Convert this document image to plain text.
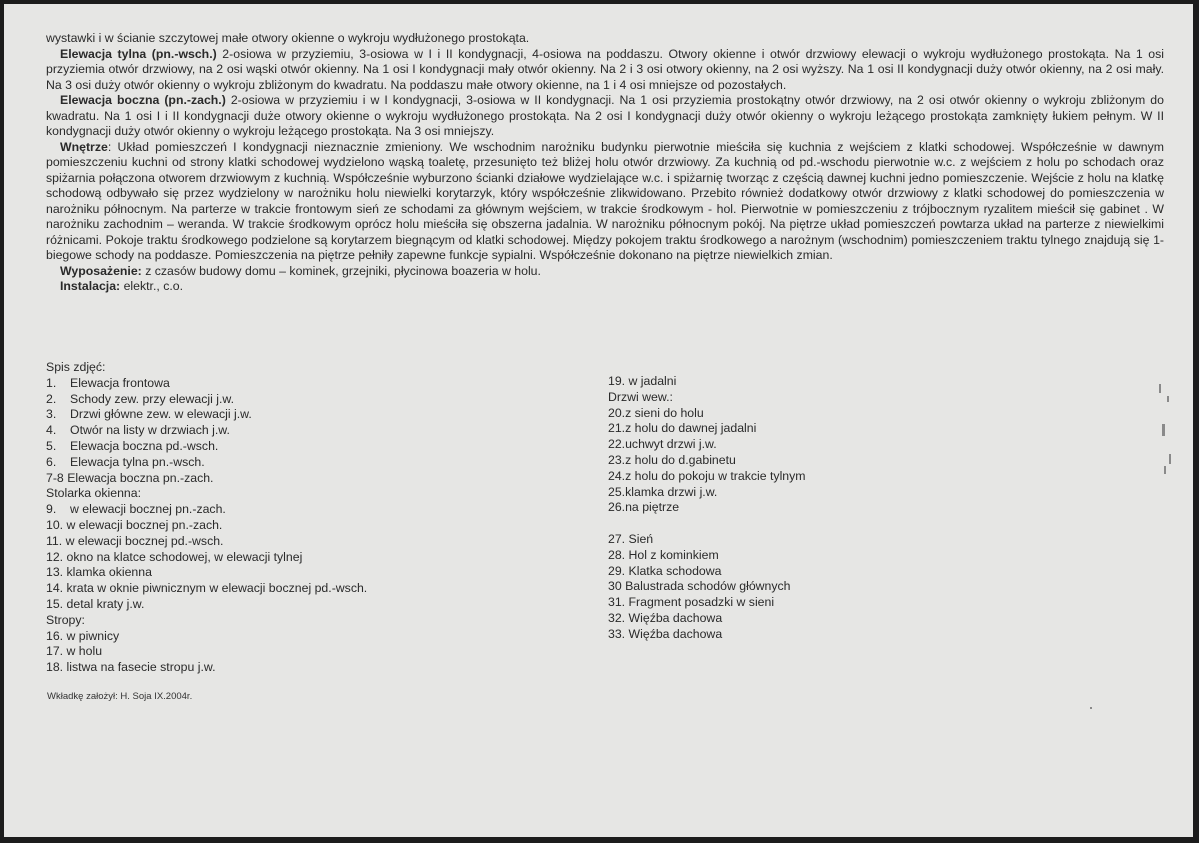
wystawki i w ścianie szczytowej małe otwory okienne o wykroju wydłużonego prostokąta.

Elewacja tylna (pn.-wsch.) 2-osiowa w przyziemiu, 3-osiowa w I i II kondygnacji, 4-osiowa na poddaszu. Otwory okienne i otwór drzwiowy elewacji o wykroju wydłużonego prostokąta. Na 1 osi przyziemia otwór drzwiowy, na 2 osi wąski otwór okienny. Na 1 osi I kondygnacji mały otwór okienny. Na 2 i 3 osi otwory okienny, na 2 osi wyższy. Na 1 osi II kondygnacji duży otwór okienny, na 2 osi mały. Na 3 osi duży otwór okienny o wykroju zbliżonym do kwadratu. Na poddaszu małe otwory okienne, na 1 i 4 osi mniejsze od pozostałych.

Elewacja boczna (pn.-zach.) 2-osiowa w przyziemiu i w I kondygnacji, 3-osiowa w II kondygnacji. Na 1 osi przyziemia prostokątny otwór drzwiowy, na 2 osi otwór okienny o wykroju zbliżonym do kwadratu. Na 1 osi I i II kondygnacji duże otwory okienne o wykroju wydłużonego prostokąta. Na 2 osi I kondygnacji duży otwór okienny o wykroju leżącego prostokąta zamknięty łukiem pełnym. W II kondygnacji duży otwór okienny o wykroju leżącego prostokąta. Na 3 osi mniejszy.

Wnętrze: Układ pomieszczeń I kondygnacji nieznacznie zmieniony. We wschodnim narożniku budynku pierwotnie mieściła się kuchnia z wejściem z klatki schodowej. Współcześnie w dawnym pomieszczeniu kuchni od strony klatki schodowej wydzielono wąską toaletę, przesunięto też bliżej holu otwór drzwiowy. Za kuchnią od pd.-wschodu pierwotnie w.c. z wejściem z holu po schodach oraz spiżarnia połączona otworem drzwiowym z kuchnią. Współcześnie wyburzono ścianki działowe wydzielające w.c. i spiżarnię tworząc z częścią dawnej kuchni jedno pomieszczenie. Wejście z holu na klatkę schodową odbywało się przez wydzielony w narożniku holu niewielki korytarzyk, który współcześnie zlikwidowano. Przebito również dodatkowy otwór drzwiowy z klatki schodowej do pomieszczenia w narożniku północnym. Na parterze w trakcie frontowym sień ze schodami za głównym wejściem, w trakcie środkowym - hol. Pierwotnie w pomieszczeniu z trójbocznym ryzalitem mieścił się gabinet . W narożniku zachodnim – weranda. W trakcie środkowym oprócz holu mieściła się obszerna jadalnia. W narożniku północnym pokój. Na piętrze układ pomieszczeń powtarza układ na parterze z niewielkimi różnicami. Pokoje traktu środkowego podzielone są korytarzem biegnącym od klatki schodowej. Między pokojem traktu środkowego a narożnym (wschodnim) pomieszczeniem traktu tylnego znajdują się 1-biegowe schody na poddasze. Pomieszczenia na piętrze pełniły zapewne funkcje sypialni. Współcześnie dokonano na piętrze niewielkich zmian.

Wyposażenie: z czasów budowy domu – kominek, grzejniki, płycinowa boazeria w holu.

Instalacja: elektr., c.o.

Spis zdjęć:
1. Elewacja frontowa
2. Schody zew. przy elewacji j.w.
3. Drzwi główne zew. w elewacji j.w.
4. Otwór na listy w drzwiach j.w.
5. Elewacja boczna pd.-wsch.
6. Elewacja tylna pn.-wsch.
7-8 Elewacja boczna pn.-zach.
Stolarka okienna:
9. w elewacji bocznej pn.-zach.
10. w elewacji bocznej pn.-zach.
11. w elewacji bocznej pd.-wsch.
12. okno na klatce schodowej, w elewacji tylnej
13. klamka okienna
14. krata w oknie piwnicznym w elewacji bocznej pd.-wsch.
15. detal kraty j.w.
Stropy:
16. w piwnicy
17. w holu
18. listwa na fasecie stropu j.w.
19. w jadalni
Drzwi wew.:
20.z sieni do holu
21.z holu do dawnej jadalni
22.uchwyt drzwi j.w.
23.z holu do d.gabinetu
24.z holu do pokoju w trakcie tylnym
25.klamka drzwi j.w.
26.na piętrze
27. Sień
28. Hol z kominkiem
29. Klatka schodowa
30 Balustrada schodów głównych
31. Fragment posadzki w sieni
32. Więźba dachowa
33. Więźba dachowa
Wkładkę założył: H. Soja IX.2004r.
